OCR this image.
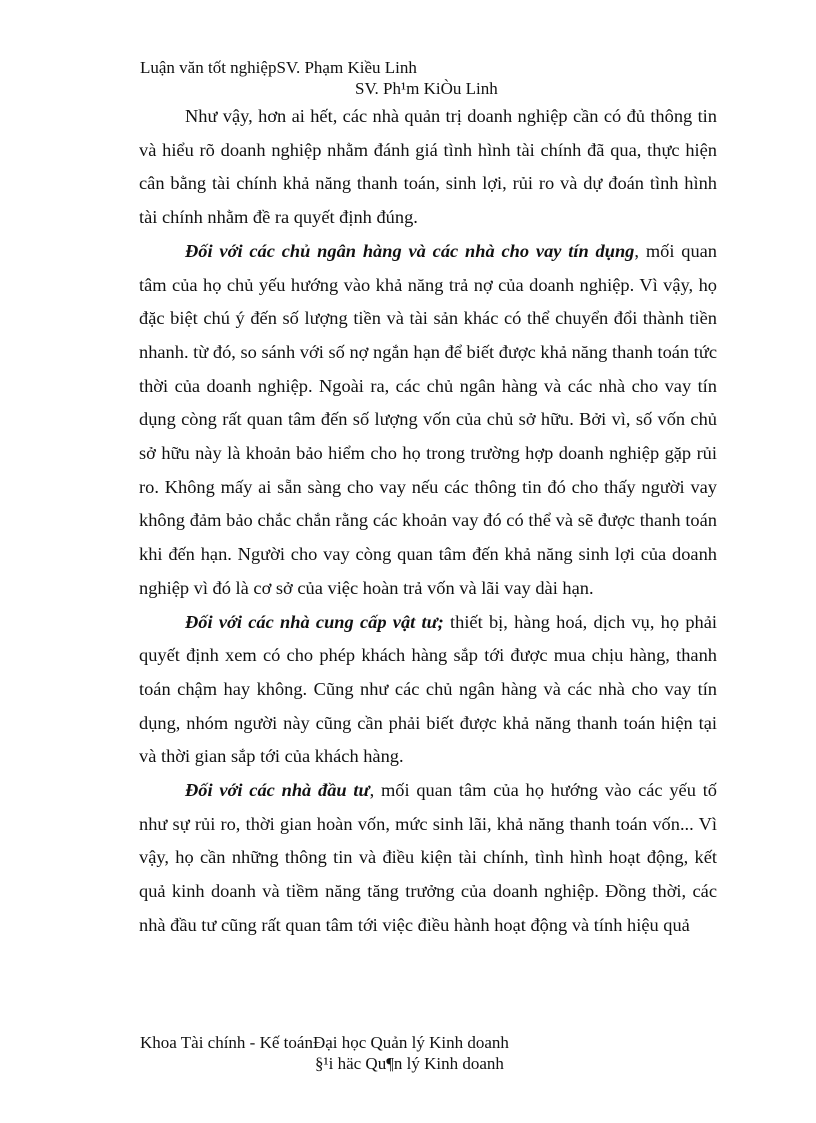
Luận văn tốt nghiệpSV. Phạm Kiều Linh
SV. Ph¹m KiÒu Linh

Như vậy, hơn ai hết, các nhà quản trị doanh nghiệp cần có đủ thông tin và hiểu rõ doanh nghiệp nhằm đánh giá tình hình tài chính đã qua, thực hiện cân bằng tài chính khả năng thanh toán, sinh lợi, rủi ro và dự đoán tình hình tài chính nhằm đề ra quyết định đúng.

Đối với các chủ ngân hàng và các nhà cho vay tín dụng, mối quan tâm của họ chủ yếu hướng vào khả năng trả nợ của doanh nghiệp. Vì vậy, họ đặc biệt chú ý đến số lượng tiền và tài sản khác có thể chuyển đổi thành tiền nhanh. từ đó, so sánh với số nợ ngắn hạn để biết được khả năng thanh toán tức thời của doanh nghiệp. Ngoài ra, các chủ ngân hàng và các nhà cho vay tín dụng còng rất quan tâm đến số lượng vốn của chủ sở hữu. Bởi vì, số vốn chủ sở hữu này là khoản bảo hiểm cho họ trong trường hợp doanh nghiệp gặp rủi ro. Không mấy ai sẵn sàng cho vay nếu các thông tin đó cho thấy người vay không đảm bảo chắc chắn rằng các khoản vay đó có thể và sẽ được thanh toán khi đến hạn. Người cho vay còng quan tâm đến khả năng sinh lợi của doanh nghiệp vì đó là cơ sở của việc hoàn trả vốn và lãi vay dài hạn.

Đối với các nhà cung cấp vật tư; thiết bị, hàng hoá, dịch vụ, họ phải quyết định xem có cho phép khách hàng sắp tới được mua chịu hàng, thanh toán chậm hay không. Cũng như các chủ ngân hàng và các nhà cho vay tín dụng, nhóm người này cũng cần phải biết được khả năng thanh toán hiện tại và thời gian sắp tới của khách hàng.

Đối với các nhà đầu tư, mối quan tâm của họ hướng vào các yếu tố như sự rủi ro, thời gian hoàn vốn, mức sinh lãi, khả năng thanh toán vốn... Vì vậy, họ cần những thông tin và điều kiện tài chính, tình hình hoạt động, kết quả kinh doanh và tiềm năng tăng trưởng của doanh nghiệp. Đồng thời, các nhà đầu tư cũng rất quan tâm tới việc điều hành hoạt động và tính hiệu quả

Khoa Tài chính - Kế toánĐại học Quản lý Kinh doanh
§¹i häc Qu¶n lý Kinh doanh
